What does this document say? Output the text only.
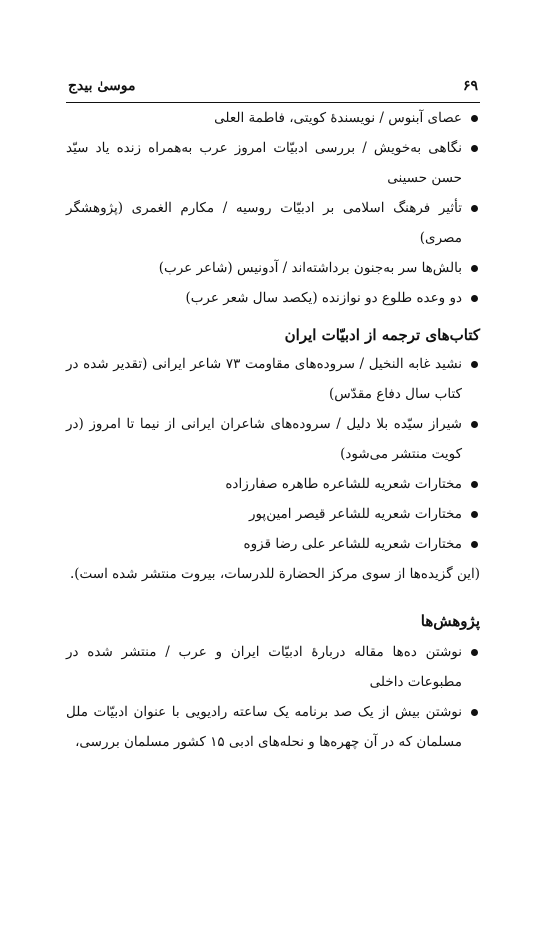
۶۹
موسیٰ بیدج
عصای آبنوس / نویسندهٔ کویتی، فاطمة العلی
نگاهی به‌خویش / بررسی ادبیّات امروز عرب به‌همراه زنده یاد سیّد حسن حسینی
تأثیر فرهنگ اسلامی بر ادبیّات روسیه / مکارم الغمری (پژوهشگر مصری)
بالش‌ها سر به‌جنون برداشته‌اند / آدونیس (شاعر عرب)
دو وعده طلوع دو نوازنده (یکصد سال شعر عرب)
کتاب‌های ترجمه از ادبیّات ایران
نشید غابه النخیل / سروده‌های مقاومت ۷۳ شاعر ایرانی (تقدیر شده در کتاب سال دفاع مقدّس)
شیراز سیّده بلا دلیل / سروده‌های شاعران ایرانی از نیما تا امروز (در کویت منتشر می‌شود)
مختارات شعریه للشاعره طاهره صفارزاده
مختارات شعریه للشاعر قیصر امین‌پور
مختارات شعریه للشاعر علی رضا قزوه
(این گزیده‌ها از سوی مرکز الحضارة للدرسات، بیروت منتشر شده است).
پژوهش‌ها
نوشتن ده‌ها مقاله دربارهٔ ادبیّات ایران و عرب / منتشر شده در مطبوعات داخلی
نوشتن بیش از یک صد برنامه یک ساعته رادیویی با عنوان ادبیّات ملل مسلمان که در آن چهره‌ها و نحله‌های ادبی ۱۵ کشور مسلمان بررسی،
